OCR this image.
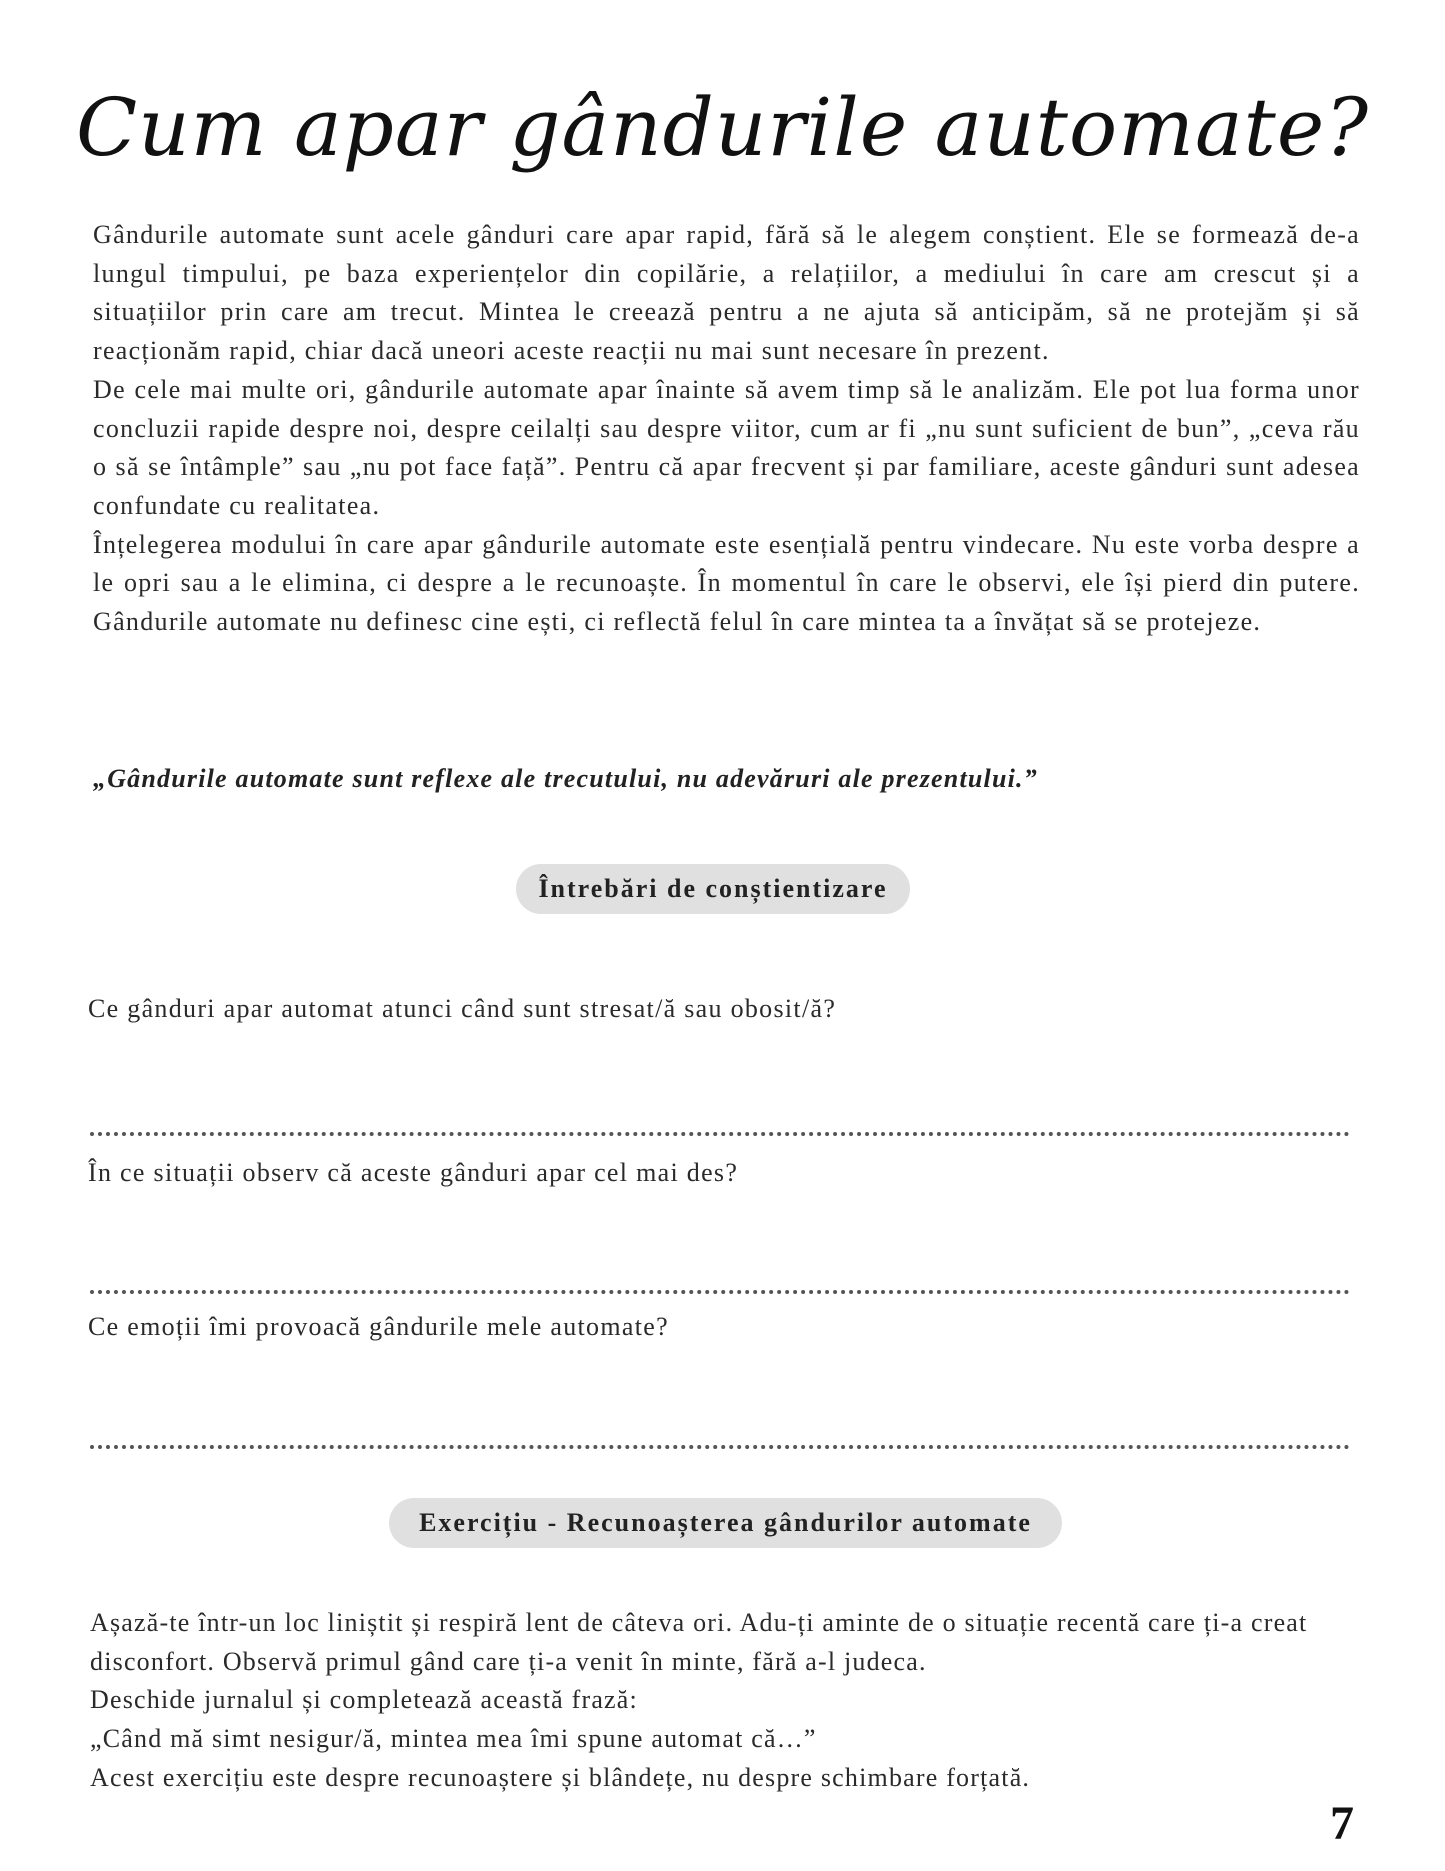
Cum apar gândurile automate?

Gândurile automate sunt acele gânduri care apar rapid, fără să le alegem conștient. Ele se formează de-a lungul timpului, pe baza experiențelor din copilărie, a relațiilor, a mediului în care am crescut și a situațiilor prin care am trecut. Mintea le creează pentru a ne ajuta să anticipăm, să ne protejăm și să reacționăm rapid, chiar dacă uneori aceste reacții nu mai sunt necesare în prezent.

De cele mai multe ori, gândurile automate apar înainte să avem timp să le analizăm. Ele pot lua forma unor concluzii rapide despre noi, despre ceilalți sau despre viitor, cum ar fi „nu sunt suficient de bun”, „ceva rău o să se întâmple” sau „nu pot face față”. Pentru că apar frecvent și par familiare, aceste gânduri sunt adesea confundate cu realitatea.

Înțelegerea modului în care apar gândurile automate este esențială pentru vindecare. Nu este vorba despre a le opri sau a le elimina, ci despre a le recunoaște. În momentul în care le observi, ele își pierd din putere. Gândurile automate nu definesc cine ești, ci reflectă felul în care mintea ta a învățat să se protejeze.

„Gândurile automate sunt reflexe ale trecutului, nu adevăruri ale prezentului.”
Întrebări de conștientizare
Ce gânduri apar automat atunci când sunt stresat/ă sau obosit/ă?
În ce situații observ că aceste gânduri apar cel mai des?
Ce emoții îmi provoacă gândurile mele automate?
Exercițiu - Recunoașterea gândurilor automate

Așază-te într-un loc liniștit și respiră lent de câteva ori. Adu-ți aminte de o situație recentă care ți-a creat disconfort. Observă primul gând care ți-a venit în minte, fără a-l judeca.

Deschide jurnalul și completează această frază:

„Când mă simt nesigur/ă, mintea mea îmi spune automat că…”

Acest exercițiu este despre recunoaștere și blândețe, nu despre schimbare forțată.

7
